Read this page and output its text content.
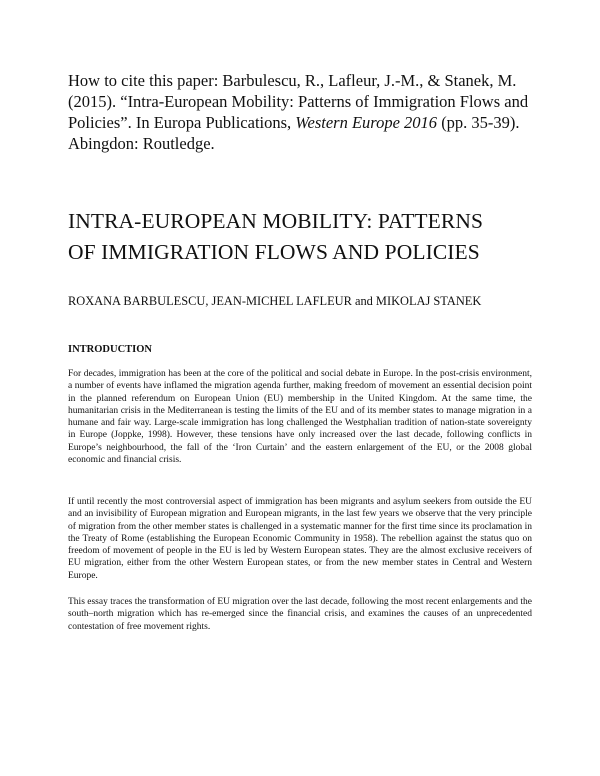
How to cite this paper: Barbulescu, R., Lafleur, J.-M., & Stanek, M. (2015). “Intra-European Mobility: Patterns of Immigration Flows and Policies”. In Europa Publications, Western Europe 2016 (pp. 35-39). Abingdon: Routledge.
INTRA-EUROPEAN MOBILITY: PATTERNS
OF IMMIGRATION FLOWS AND POLICIES
ROXANA BARBULESCU, JEAN-MICHEL LAFLEUR and MIKOLAJ STANEK
INTRODUCTION

For decades, immigration has been at the core of the political and social debate in Europe. In the post-crisis environment, a number of events have inflamed the migration agenda further, making freedom of movement an essential decision point in the planned referendum on European Union (EU) membership in the United Kingdom. At the same time, the humanitarian crisis in the Mediterranean is testing the limits of the EU and of its member states to manage migration in a humane and fair way. Large-scale immigration has long challenged the Westphalian tradition of nation-state sovereignty in Europe (Joppke, 1998). However, these tensions have only increased over the last decade, following conflicts in Europe’s neighbourhood, the fall of the ‘Iron Curtain’ and the eastern enlargement of the EU, or the 2008 global economic and financial crisis.

If until recently the most controversial aspect of immigration has been migrants and asylum seekers from outside the EU and an invisibility of European migration and European migrants, in the last few years we observe that the very principle of migration from the other member states is challenged in a systematic manner for the first time since its proclamation in the Treaty of Rome (establishing the European Economic Community in 1958). The rebellion against the status quo on freedom of movement of people in the EU is led by Western European states. They are the almost exclusive receivers of EU migration, either from the other Western European states, or from the new member states in Central and Western Europe.

This essay traces the transformation of EU migration over the last decade, following the most recent enlargements and the south–north migration which has re-emerged since the financial crisis, and examines the causes of an unprecedented contestation of free movement rights.
